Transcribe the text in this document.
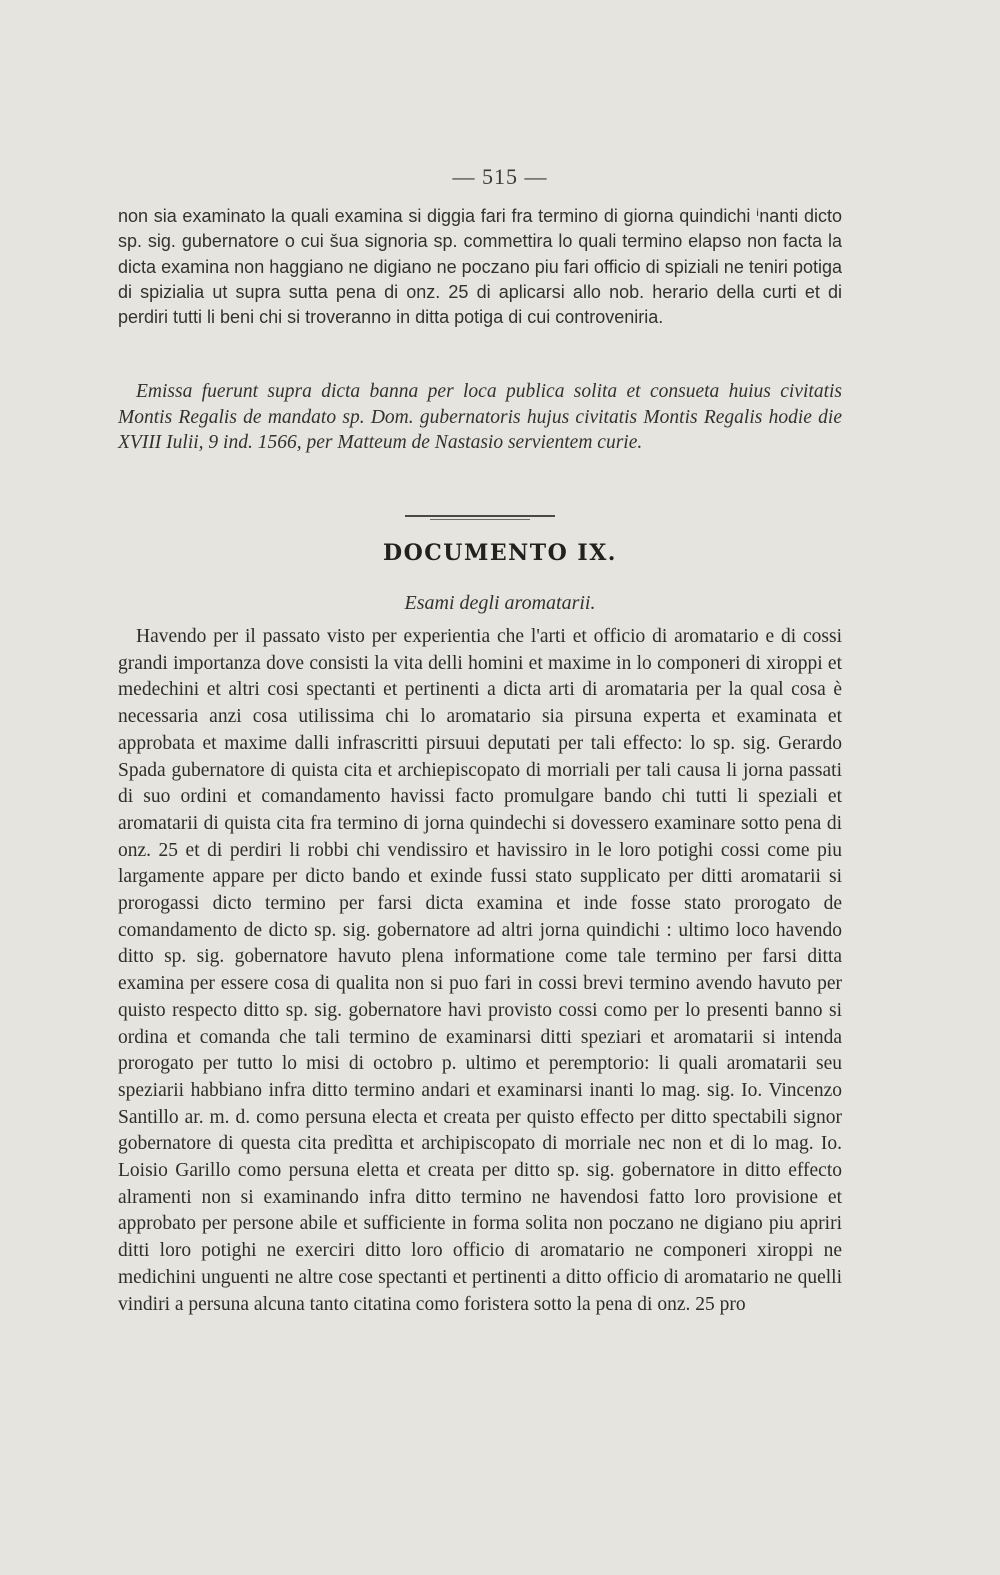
— 515 —

non sia examinato la quali examina si diggia fari fra termino di giorna quindichi ⁱnanti dicto sp. sig. gubernatore o cui s̆ua signoria sp. commettira lo quali termino elapso non facta la dicta examina non haggiano ne digiano ne poczano piu fari officio di spiziali ne teniri potiga di spizialia ut supra sutta pena di onz. 25 di aplicarsi allo nob. herario della curti et di perdiri tutti li beni chi si troveranno in ditta potiga di cui controveniria.

Emissa fuerunt supra dicta banna per loca publica solita et consueta huius civitatis Montis Regalis de mandato sp. Dom. gubernatoris hujus civitatis Montis Regalis hodie die XVIII Iulii, 9 ind. 1566, per Matteum de Nastasio servientem curie.

DOCUMENTO IX.
Esami degli aromatarii.

Havendo per il passato visto per experientia che l'arti et officio di aromatario e di cossi grandi importanza dove consisti la vita delli homini et maxime in lo componeri di xiroppi et medechini et altri cosi spectanti et pertinenti a dicta arti di aromataria per la qual cosa è necessaria anzi cosa utilissima chi lo aromatario sia pirsuna experta et examinata et approbata et maxime dalli infrascritti pirsuui deputati per tali effecto: lo sp. sig. Gerardo Spada gubernatore di quista cita et archiepiscopato di morriali per tali causa li jorna passati di suo ordini et comandamento havissi facto promulgare bando chi tutti li speziali et aromatarii di quista cita fra termino di jorna quindechi si dovessero examinare sotto pena di onz. 25 et di perdiri li robbi chi vendissiro et havissiro in le loro potighi cossi come piu largamente appare per dicto bando et exinde fussi stato supplicato per ditti aromatarii si prorogassi dicto termino per farsi dicta examina et inde fosse stato prorogato de comandamento de dicto sp. sig. gobernatore ad altri jorna quindichi : ultimo loco havendo ditto sp. sig. gobernatore havuto plena informatione come tale termino per farsi ditta examina per essere cosa di qualita non si puo fari in cossi brevi termino avendo havuto per quisto respecto ditto sp. sig. gobernatore havi provisto cossi como per lo presenti banno si ordina et comanda che tali termino de examinarsi ditti speziari et aromatarii si intenda prorogato per tutto lo misi di octobro p. ultimo et peremptorio: li quali aromatarii seu speziarii habbiano infra ditto termino andari et examinarsi inanti lo mag. sig. Io. Vincenzo Santillo ar. m. d. como persuna electa et creata per quisto effecto per ditto spectabili signor gobernatore di questa cita predìtta et archipiscopato di morriale nec non et di lo mag. Io. Loisio Garillo como persuna eletta et creata per ditto sp. sig. gobernatore in ditto effecto alramenti non si examinando infra ditto termino ne havendosi fatto loro provisione et approbato per persone abile et sufficiente in forma solita non poczano ne digiano piu apriri ditti loro potighi ne exerciri ditto loro officio di aromatario ne componeri xiroppi ne medichini unguenti ne altre cose spectanti et pertinenti a ditto officio di aromatario ne quelli vindiri a persuna alcuna tanto citatina como foristera sotto la pena di onz. 25 pro
